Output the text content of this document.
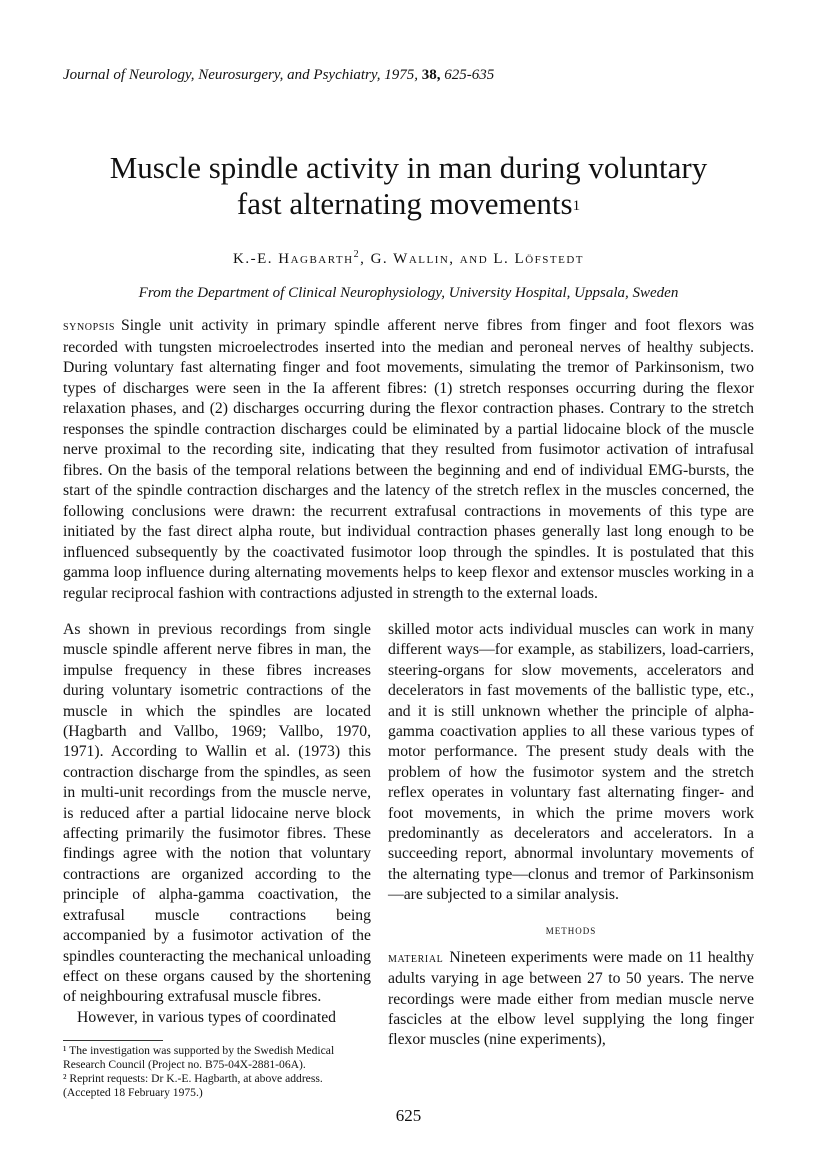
Journal of Neurology, Neurosurgery, and Psychiatry, 1975, 38, 625-635
Muscle spindle activity in man during voluntary
fast alternating movements$^1$
K.-E. Hagbarth$^2$, G. Wallin, and L. Löfstedt
From the Department of Clinical Neurophysiology, University Hospital, Uppsala, Sweden

synopsis Single unit activity in primary spindle afferent nerve fibres from finger and foot flexors was recorded with tungsten microelectrodes inserted into the median and peroneal nerves of healthy subjects. During voluntary fast alternating finger and foot movements, simulating the tremor of Parkinsonism, two types of discharges were seen in the Ia afferent fibres: (1) stretch responses occurring during the flexor relaxation phases, and (2) discharges occurring during the flexor contraction phases. Contrary to the stretch responses the spindle contraction discharges could be eliminated by a partial lidocaine block of the muscle nerve proximal to the recording site, indicating that they resulted from fusimotor activation of intrafusal fibres. On the basis of the temporal relations between the beginning and end of individual EMG-bursts, the start of the spindle contraction discharges and the latency of the stretch reflex in the muscles concerned, the following conclusions were drawn: the recurrent extrafusal contractions in movements of this type are initiated by the fast direct alpha route, but individual contraction phases generally last long enough to be influenced subsequently by the coactivated fusimotor loop through the spindles. It is postulated that this gamma loop influence during alternating movements helps to keep flexor and extensor muscles working in a regular reciprocal fashion with contractions adjusted in strength to the external loads.

As shown in previous recordings from single muscle spindle afferent nerve fibres in man, the impulse frequency in these fibres increases during voluntary isometric contractions of the muscle in which the spindles are located (Hagbarth and Vallbo, 1969; Vallbo, 1970, 1971). According to Wallin et al. (1973) this contraction discharge from the spindles, as seen in multi-unit recordings from the muscle nerve, is reduced after a partial lidocaine nerve block affecting primarily the fusimotor fibres. These findings agree with the notion that voluntary contractions are organized according to the principle of alpha-gamma coactivation, the extrafusal muscle contractions being accompanied by a fusimotor activation of the spindles counteracting the mechanical unloading effect on these organs caused by the shortening of neighbouring extrafusal muscle fibres.

However, in various types of coordinated

¹ The investigation was supported by the Swedish Medical Research Council (Project no. B75-04X-2881-06A).
² Reprint requests: Dr K.-E. Hagbarth, at above address.
(Accepted 18 February 1975.)

skilled motor acts individual muscles can work in many different ways—for example, as stabilizers, load-carriers, steering-organs for slow movements, accelerators and decelerators in fast movements of the ballistic type, etc., and it is still unknown whether the principle of alpha-gamma coactivation applies to all these various types of motor performance. The present study deals with the problem of how the fusimotor system and the stretch reflex operates in voluntary fast alternating finger- and foot movements, in which the prime movers work predominantly as decelerators and accelerators. In a succeeding report, abnormal involuntary movements of the alternating type—clonus and tremor of Parkinsonism—are subjected to a similar analysis.

methods

material Nineteen experiments were made on 11 healthy adults varying in age between 27 to 50 years. The nerve recordings were made either from median muscle nerve fascicles at the elbow level supplying the long finger flexor muscles (nine experiments),

625
